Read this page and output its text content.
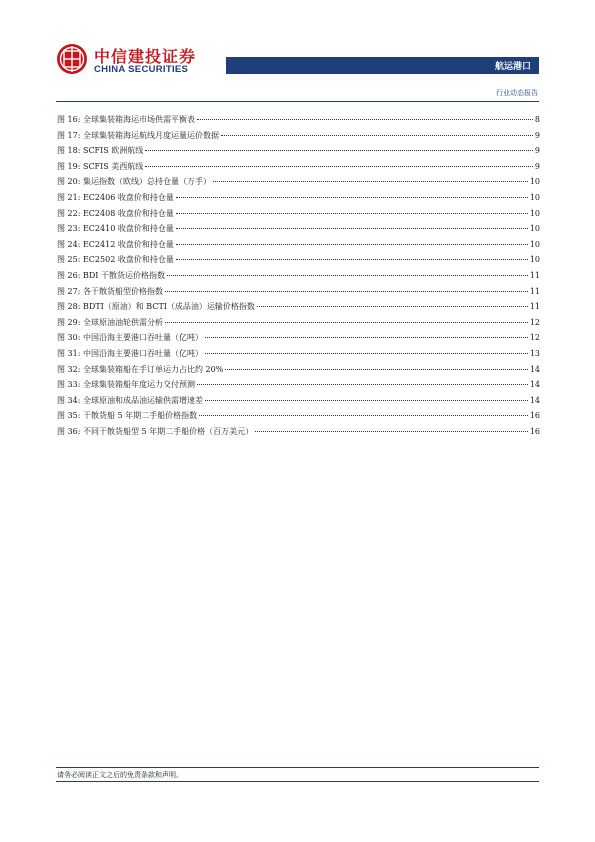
中信建投证券
CHINA SECURITIES	航运港口
行业动态报告
图 16: 全球集装箱海运市场供需平衡表	8
图 17: 全球集装箱海运航线月度运量运价数据	9
图 18: SCFIS 欧洲航线	9
图 19: SCFIS 美西航线	9
图 20: 集运指数（欧线）总持仓量（万手）	10
图 21: EC2406 收盘价和持仓量	10
图 22: EC2408 收盘价和持仓量	10
图 23: EC2410 收盘价和持仓量	10
图 24: EC2412 收盘价和持仓量	10
图 25: EC2502 收盘价和持仓量	10
图 26: BDI 干散货运价格指数	11
图 27: 各干散货船型价格指数	11
图 28: BDTI（原油）和 BCTI（成品油）运输价格指数	11
图 29: 全球原油油轮供需分析	12
图 30: 中国沿海主要港口吞吐量（亿吨）	12
图 31: 中国沿海主要港口吞吐量（亿吨）	13
图 32: 全球集装箱船在手订单运力占比约 20%	14
图 33: 全球集装箱船年度运力交付预测	14
图 34: 全球原油和成品油运输供需增速差	14
图 35: 干散货船 5 年期二手船价格指数	16
图 36: 不同干散货船型 5 年期二手船价格（百万美元）	16
请务必阅读正文之后的免责条款和声明。
